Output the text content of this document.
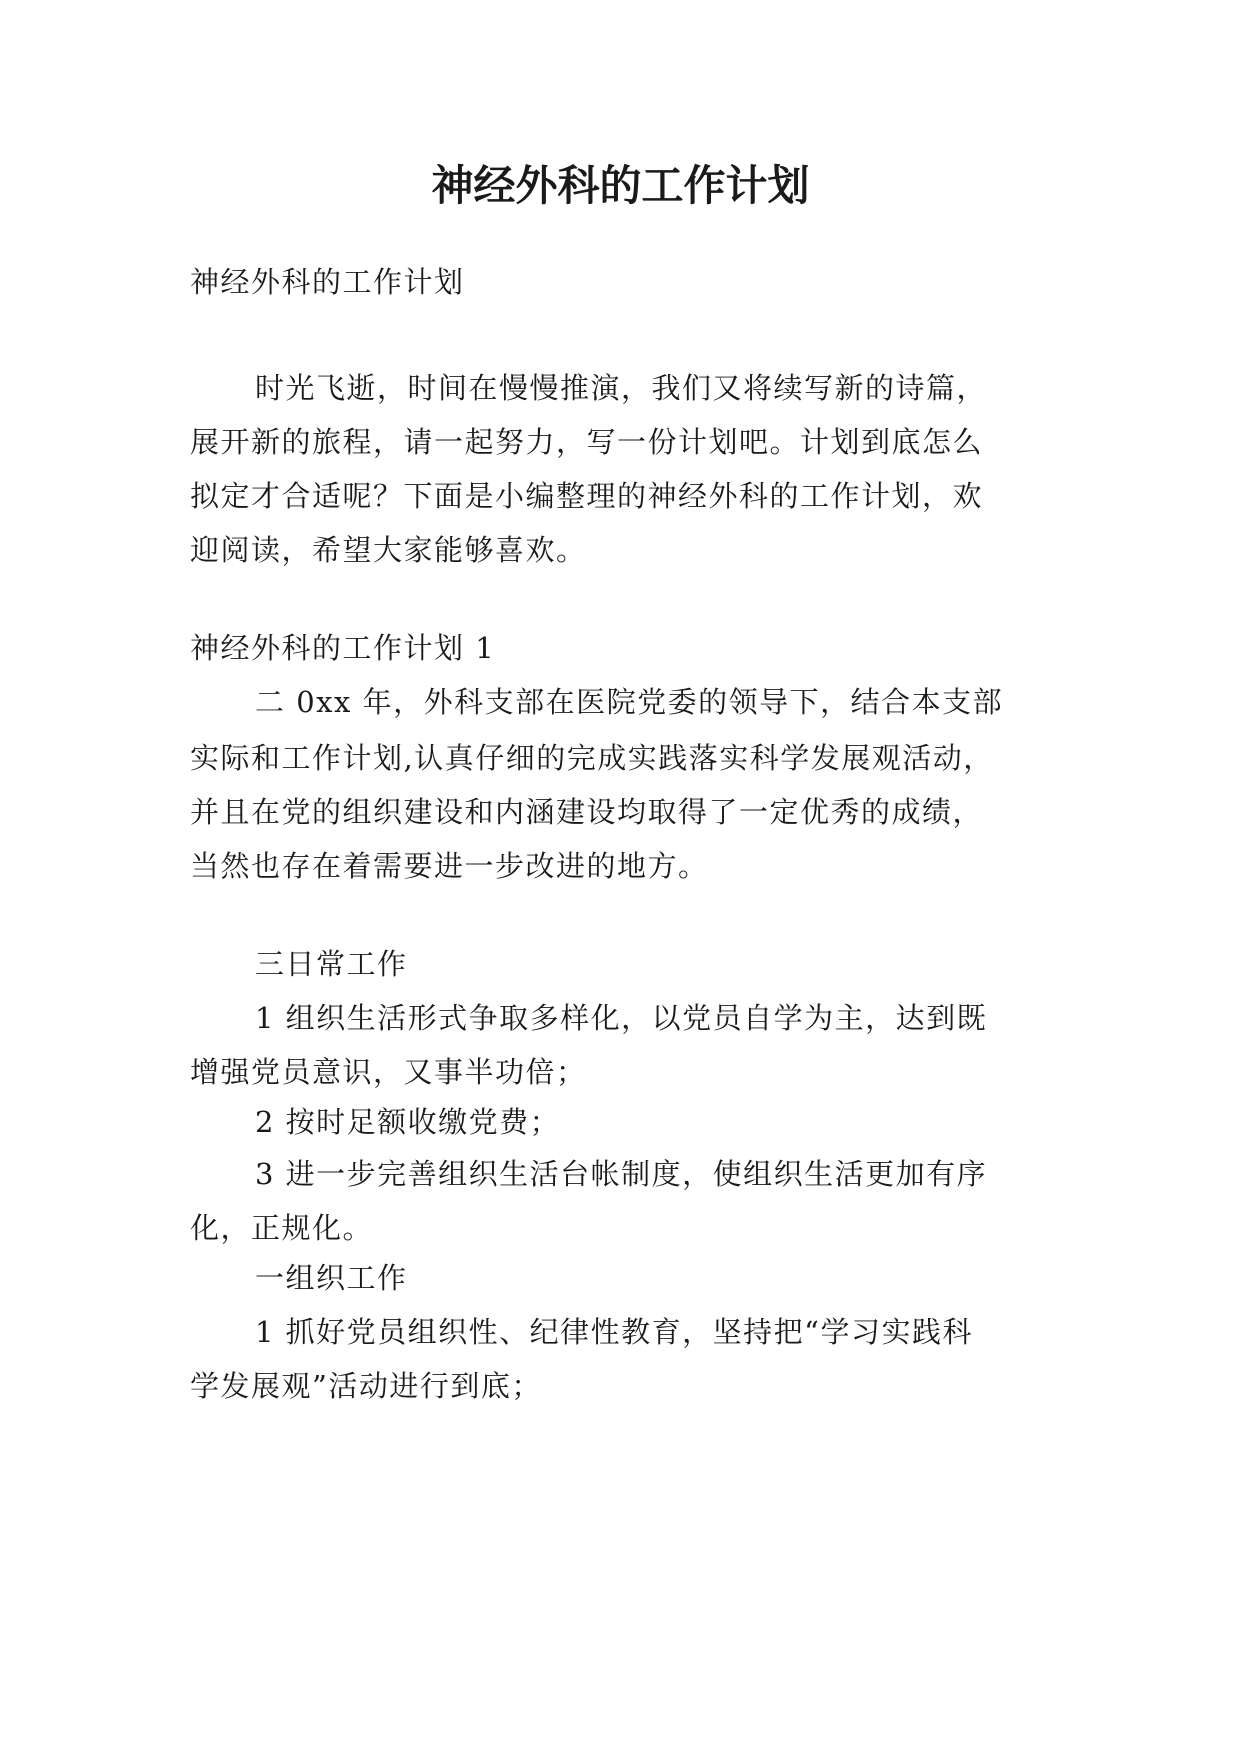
神经外科的工作计划

神经外科的工作计划

时光飞逝，时间在慢慢推演，我们又将续写新的诗篇，

展开新的旅程，请一起努力，写一份计划吧。计划到底怎么

拟定才合适呢？下面是小编整理的神经外科的工作计划，欢

迎阅读，希望大家能够喜欢。

神经外科的工作计划 1

二 0xx 年，外科支部在医院党委的领导下，结合本支部

实际和工作计划,认真仔细的完成实践落实科学发展观活动，

并且在党的组织建设和内涵建设均取得了一定优秀的成绩，

当然也存在着需要进一步改进的地方。

三日常工作

1 组织生活形式争取多样化，以党员自学为主，达到既

增强党员意识，又事半功倍；

2 按时足额收缴党费；

3 进一步完善组织生活台帐制度，使组织生活更加有序

化，正规化。

一组织工作

1 抓好党员组织性、纪律性教育，坚持把“学习实践科

学发展观”活动进行到底；
